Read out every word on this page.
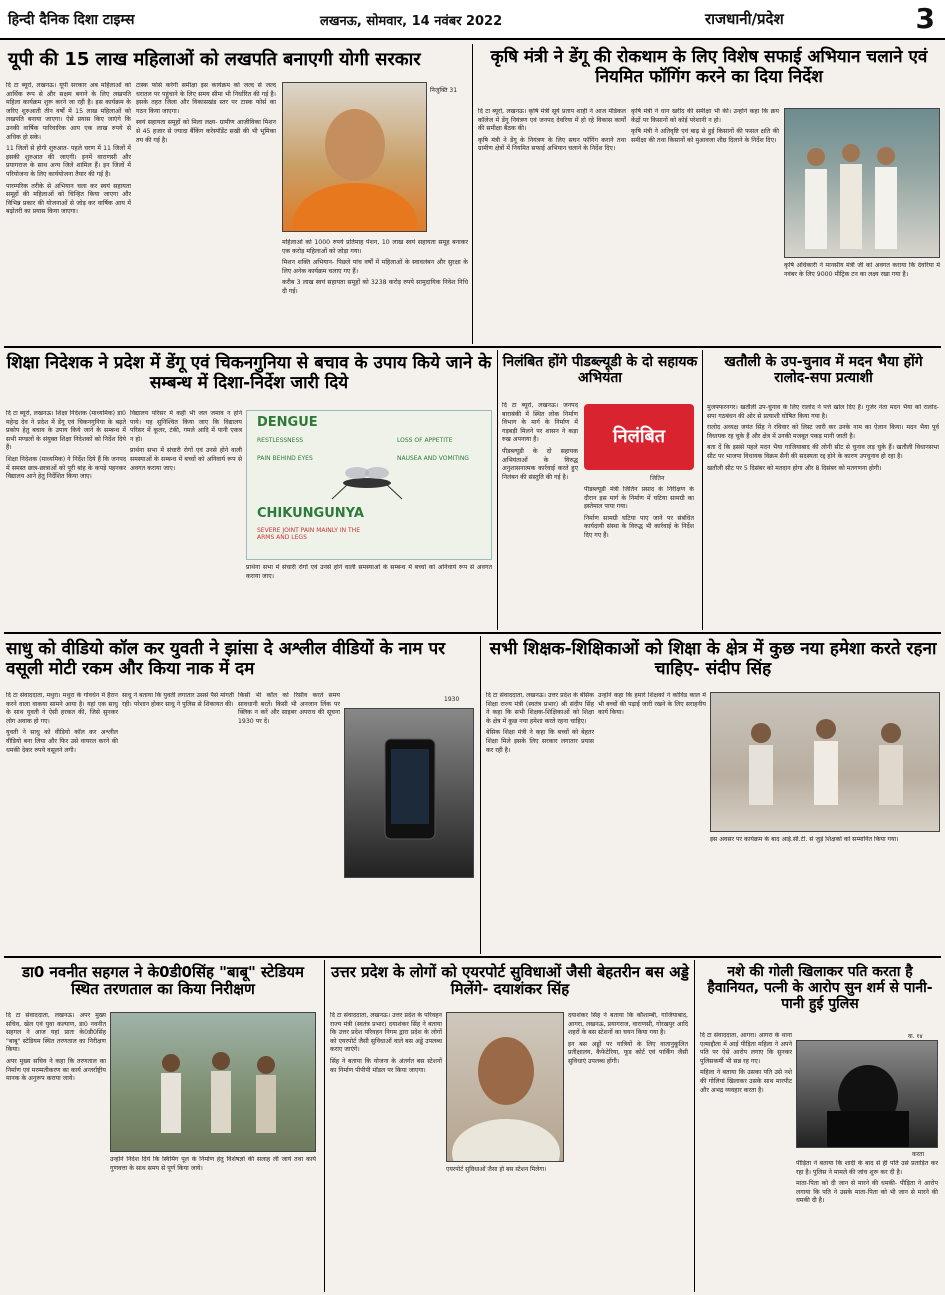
हिन्दी दैनिक दिशा टाइम्स	लखनऊ, सोमवार, 14 नवंबर 2022	राजधानी/प्रदेश	3
यूपी की 15 लाख महिलाओं को लखपति बनाएगी योगी सरकार

दि टा ब्यूरो, लखनऊ। यूपी सरकार अब महिलाओं को आर्थिक रूप से और सक्षम बनाने के लिए लखपति महिला कार्यक्रम शुरू करने जा रही है। इस कार्यक्रम के जरिए शुरुआती तीन वर्षों में 15 लाख महिलाओं को लखपति बनाया जाएगा। ऐसे प्रयास किए जाएंगे कि उनकी वार्षिक पारिवारिक आय एक लाख रुपये से अधिक हो सके।

11 जिलों से होगी शुरुआत- पहले चरण में 11 जिलों में इसकी शुरुआत की जाएगी। इनमें वाराणसी और प्रयागराज के साथ अन्य जिले शामिल हैं। इन जिलों में परियोजना के लिए कार्ययोजना तैयार की गई है।

पारम्परिक तरीके से अभियान चला कर स्वयं सहायता समूहों की महिलाओं को चिन्हित किया जाएगा और विभिन्न प्रकार की योजनाओं से जोड़ कर वार्षिक आय में बढ़ोतरी का प्रयास किया जाएगा।

टास्क फोर्स करेगी समीक्षा इस कार्यक्रम को जल्द से जल्द धरातल पर पहुंचाने के लिए समय सीमा भी निर्धारित की गई है। इसके तहत जिला और विकासखंड स्तर पर टास्क फोर्स का गठन किया जाएगा।

स्वयं सहायता समूहों को मिला लक्ष्य- ग्रामीण आजीविका मिशन से 45 हजार से ज्यादा बैंकिंग करेस्पॉडेंट सखी की भी भूमिका तय की गई है।

निजुक्ति 31

महिलाओं को 1000 रुपये प्रतिमाह पेंशन, 10 लाख स्वयं सहायता समूह बनाकर एक करोड़ महिलाओं को जोड़ा गया।

मिशन शक्ति अभियान- पिछले पांच वर्षों में महिलाओं के स्वावलंबन और सुरक्षा के लिए अनेक कार्यक्रम चलाए गए हैं।

करीब 3 लाख स्वयं सहायता समूहों को 3238 करोड़ रुपये सामुदायिक निवेश निधि दी गई।

कृषि मंत्री ने डेंगू की रोकथाम के लिए विशेष सफाई अभियान चलाने एवं नियमित फॉगिंग करने का दिया निर्देश

दि टा ब्यूरो, लखनऊ। कृषि मंत्री सूर्य प्रताप शाही ने आज मेडिकल कॉलेज में डेंगू नियंत्रण एवं जनपद देवरिया में हो रहे विकास कार्यों की समीक्षा बैठक की।

कृषि मंत्री ने डेंगू के नियंत्रण के लिए सघन फॉगिंग कराने तथा ग्रामीण क्षेत्रों में नियमित सफाई अभियान चलाने के निर्देश दिए।

कृषि मंत्री ने धान खरीद की समीक्षा भी की। उन्होंने कहा कि क्रय केंद्रों पर किसानों को कोई परेशानी न हो।

कृषि मंत्री ने अतिवृष्टि एवं बाढ़ से हुई किसानों की फसल क्षति की समीक्षा की तथा किसानों को मुआवजा शीघ्र दिलाने के निर्देश दिए।

कृषि अधिकारी ने मानसीय मंत्री जी को अवगत कराया कि देवरिया में नवंबर के लिए 9000 मीट्रिक टन का लक्ष्य रखा गया है।

शिक्षा निदेशक ने प्रदेश में डेंगू एवं चिकनगुनिया से बचाव के उपाय किये जाने के सम्बन्ध में दिशा-निर्देश जारी दिये

दि टा ब्यूरो, लखनऊ। शिक्षा निदेशक (माध्यमिक) डा0 महेन्द्र देव ने प्रदेश में डेंगू एवं चिकनगुनिया के बढ़ते प्रकोप हेतु बचाव के उपाय किये जाने के सम्बन्ध में सभी मण्डलों के संयुक्त शिक्षा निदेशकों को निर्देश दिये हैं।

शिक्षा निदेशक (माध्यमिक) ने निर्देश दिये हैं कि जनपद में समस्त छात्र-छात्राओं को पूरी बांह के कपड़े पहनकर विद्यालय आने हेतु निर्देशित किया जाए।

विद्यालय परिसर में कहीं भी जल जमाव न होने पाये। यह सुनिश्चित किया जाए कि विद्यालय परिसर में कूलर, टंकी, गमले आदि में पानी एकत्र न हो।

प्रार्थना सभा में संचारी रोगों एवं उनसे होने वाली समस्याओं के सम्बन्ध में बच्चों को अनिवार्य रूप से अवगत कराया जाए।

DENGUE
RESTLESSNESS	LOSS OF APPETITE
PAIN BEHIND EYES	NAUSEA AND VOMITING
CHIKUNGUNYA
SEVERE JOINT PAIN MAINLY IN THE ARMS AND LEGS

प्रार्थना सभा में संचारी रोगों एवं उनसे होने वाली समस्याओं के सम्बन्ध में बच्चों को अनिवार्य रूप से अवगत कराया जाए।

निलंबित होंगे पीडब्ल्यूडी के दो सहायक अभियंता

दि टा ब्यूरो, लखनऊ। जनपद बाराबंकी में स्थित लोक निर्माण विभाग के मार्ग के निर्माण में गड़बड़ी मिलने पर शासन ने कड़ा रुख अपनाया है।

पीडब्ल्यूडी के दो सहायक अभियंताओं के विरुद्ध अनुशासनात्मक कार्रवाई करते हुए निलंबन की संस्तुति की गई है।

निलंबित
जितिन

पीडब्ल्यूडी मंत्री जितिन प्रसाद के निरीक्षण के दौरान इस मार्ग के निर्माण में घटिया सामग्री का इस्तेमाल पाया गया।

निर्माण सामग्री घटिया पाए जाने पर संबंधित कार्यदायी संस्था के विरुद्ध भी कार्रवाई के निर्देश दिए गए हैं।

खतौली के उप-चुनाव में मदन भैया होंगे रालोद-सपा प्रत्याशी

मुजफ्फरनगर। खतौली उप-चुनाव के लिए रालोद ने पत्ते खोल दिए हैं। गुर्जर नेता मदन भैया को रालोद-सपा गठबंधन की ओर से प्रत्याशी घोषित किया गया है।

रालोद अध्यक्ष जयंत सिंह ने रविवार को लिस्ट जारी कर उनके नाम का ऐलान किया। मदन भैया पूर्व विधायक रह चुके हैं और क्षेत्र में उनकी मजबूत पकड़ मानी जाती है।

बता दें कि इससे पहले मदन भैया गाजियाबाद की लोनी सीट से चुनाव लड़ चुके हैं। खतौली विधानसभा सीट पर भाजपा विधायक विक्रम सैनी की सदस्यता रद्द होने के कारण उपचुनाव हो रहा है।

खतौली सीट पर 5 दिसंबर को मतदान होगा और 8 दिसंबर को मतगणना होगी।

साधु को वीडियो कॉल कर युवती ने झांसा दे अश्लील वीडियों के नाम पर वसूली मोटी रकम और किया नाक में दम

दि टा संवाददाता, मथुरा। मथुरा के गोवर्धन में हैरान करने वाला वाकया सामने आया है। यहां एक साधु के साथ युवती ने ऐसी हरकत की, जिसे सुनकर लोग अवाक हो गए।

युवती ने साधु को वीडियो कॉल कर अश्लील वीडियो बना लिया और फिर उसे वायरल करने की धमकी देकर रुपये वसूलने लगी।

साधु ने बताया कि युवती लगातार उससे पैसे मांगती रही। परेशान होकर साधु ने पुलिस से शिकायत की।

किसी भी कॉल को रिसीव करते समय सावधानी बरतें। किसी भी अनजान लिंक पर क्लिक न करें और साइबर अपराध की सूचना 1930 पर दें।

1930
सभी शिक्षक-शिक्षिकाओं को शिक्षा के क्षेत्र में कुछ नया हमेशा करते रहना चाहिए- संदीप सिंह

दि टा संवाददाता, लखनऊ। उत्तर प्रदेश के बेसिक शिक्षा राज्य मंत्री (स्वतंत्र प्रभार) श्री संदीप सिंह ने कहा कि सभी शिक्षक-शिक्षिकाओं को शिक्षा के क्षेत्र में कुछ नया हमेशा करते रहना चाहिए।

बेसिक शिक्षा मंत्री ने कहा कि बच्चों को बेहतर शिक्षा मिले इसके लिए सरकार लगातार प्रयास कर रही है।

उन्होंने कहा कि हमारे शिक्षकों ने कोविड काल में भी बच्चों की पढ़ाई जारी रखने के लिए सराहनीय कार्य किया।

इस अवसर पर कार्यक्रम के बाद आई.सी.टी. से जुड़े शिक्षकों को सम्मानित किया गया।

डा0 नवनीत सहगल ने के0डी0सिंह "बाबू" स्टेडियम स्थित तरणताल का किया निरीक्षण

दि टा संवाददाता, लखनऊ। अपर मुख्य सचिव, खेल एवं युवा कल्याण, डा0 नवनीत सहगल ने आज यहां प्रातः के0डी0सिंह "बाबू" स्टेडियम स्थित तरणताल का निरीक्षण किया।

अपर मुख्य सचिव ने कहा कि तरणताल का निर्माण एवं मरम्मतीकरण का कार्य अन्तर्राष्ट्रीय मानक के अनुरूप कराया जाये।

उन्होंने निर्देश दिये कि स्विमिंग पूल के निर्माण हेतु विशेषज्ञों की सलाह ली जाये तथा कार्य गुणवत्ता के साथ समय से पूर्ण किया जाये।

उत्तर प्रदेश के लोगों को एयरपोर्ट सुविधाओं जैसी बेहतरीन बस अड्डे मिलेंगे- दयाशंकर सिंह

दि टा संवाददाता, लखनऊ। उत्तर प्रदेश के परिवहन राज्य मंत्री (स्वतंत्र प्रभार) दयाशंकर सिंह ने बताया कि उत्तर प्रदेश परिवहन निगम द्वारा प्रदेश के लोगों को एयरपोर्ट जैसी सुविधाओं वाले बस अड्डे उपलब्ध कराए जाएंगे।

सिंह ने बताया कि योजना के अंतर्गत बस स्टेशनों का निर्माण पीपीपी मॉडल पर किया जाएगा।

एयरपोर्ट सुविधाओं जैसा हो बस स्टेशन मिलेगा।

दयाशंकर सिंह ने बताया कि कौशाम्बी, गाजियाबाद, आगरा, लखनऊ, प्रयागराज, वाराणसी, गोरखपुर आदि शहरों के बस स्टेशनों का चयन किया गया है।

इन बस अड्डों पर यात्रियों के लिए वातानुकूलित प्रतीक्षालय, कैफेटेरिया, फूड कोर्ट एवं पार्किंग जैसी सुविधाएं उपलब्ध होंगी।

नशे की गोली खिलाकर पति करता है हैवानियत, पत्नी के आरोप सुन शर्म से पानी-पानी हुई पुलिस

दि टा संवाददाता, आगरा। आगरा के थाना एत्माद्दौला में आई पीड़िता महिला ने अपने पति पर ऐसे आरोप लगाए कि सुनकर पुलिसकर्मी भी सन्न रह गए।

महिला ने बताया कि उसका पति उसे नशे की गोलियां खिलाकर उसके साथ मारपीट और अभद्र व्यवहार करता है।

क. १४
करता

पीड़िता ने बताया कि शादी के बाद से ही पति उसे प्रताड़ित कर रहा है। पुलिस ने मामले की जांच शुरू कर दी है।

माता-पिता को दी जान से मारने की धमकी- पीड़िता ने आरोप लगाया कि पति ने उसके माता-पिता को भी जान से मारने की धमकी दी है।
